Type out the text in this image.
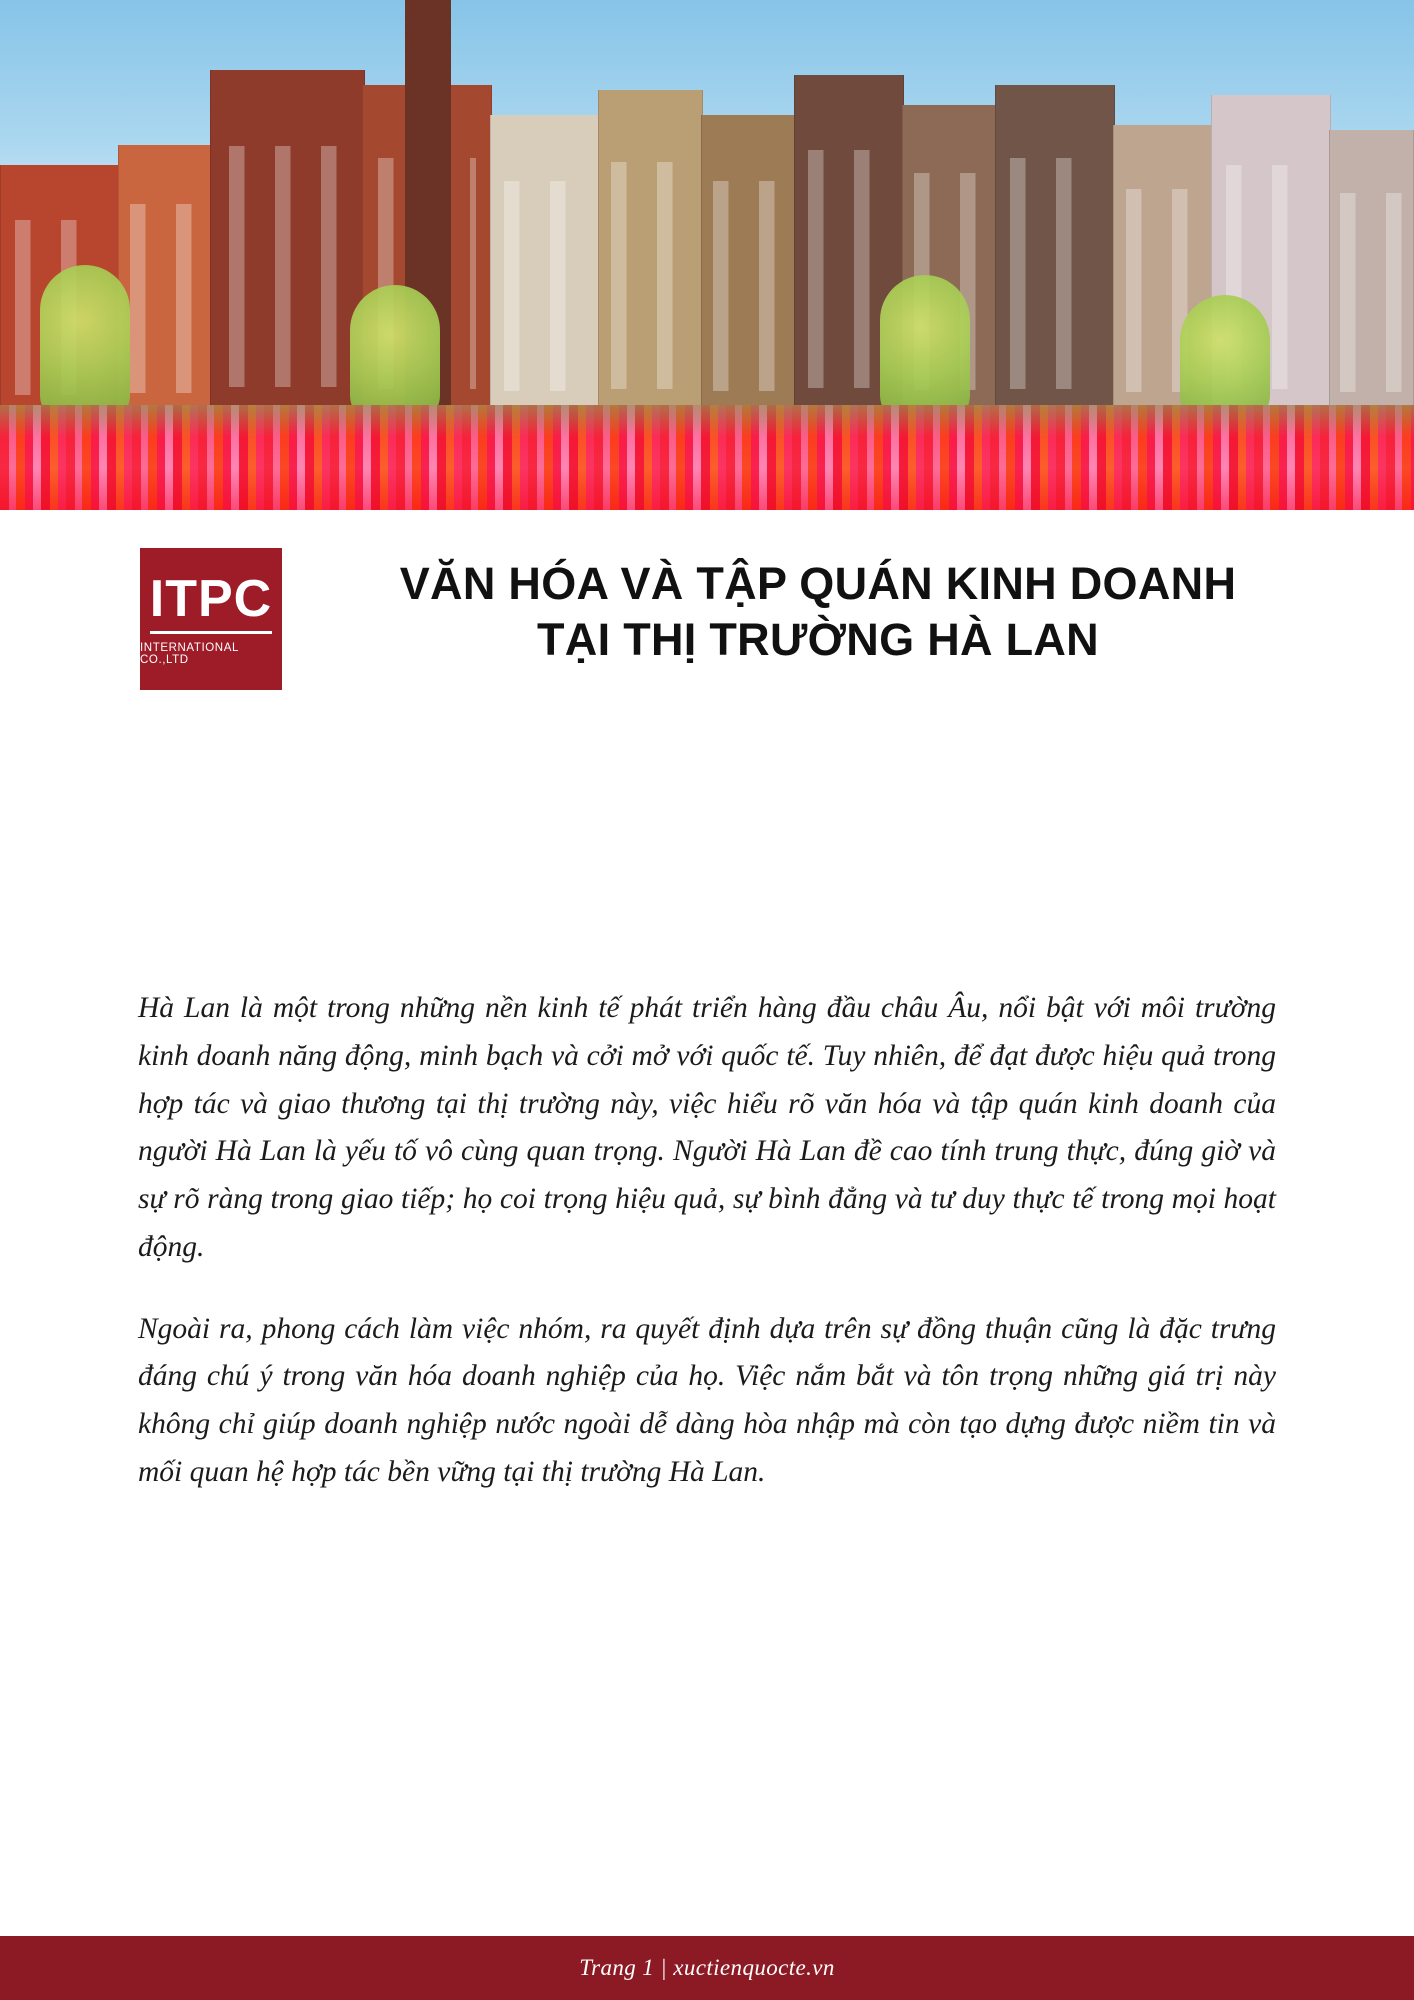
ITPC
INTERNATIONAL CO.,LTD
VĂN HÓA VÀ TẬP QUÁN KINH DOANH
TẠI THỊ TRƯỜNG HÀ LAN

Hà Lan là một trong những nền kinh tế phát triển hàng đầu châu Âu, nổi bật với môi trường kinh doanh năng động, minh bạch và cởi mở với quốc tế. Tuy nhiên, để đạt được hiệu quả trong hợp tác và giao thương tại thị trường này, việc hiểu rõ văn hóa và tập quán kinh doanh của người Hà Lan là yếu tố vô cùng quan trọng. Người Hà Lan đề cao tính trung thực, đúng giờ và sự rõ ràng trong giao tiếp; họ coi trọng hiệu quả, sự bình đẳng và tư duy thực tế trong mọi hoạt động.

Ngoài ra, phong cách làm việc nhóm, ra quyết định dựa trên sự đồng thuận cũng là đặc trưng đáng chú ý trong văn hóa doanh nghiệp của họ. Việc nắm bắt và tôn trọng những giá trị này không chỉ giúp doanh nghiệp nước ngoài dễ dàng hòa nhập mà còn tạo dựng được niềm tin và mối quan hệ hợp tác bền vững tại thị trường Hà Lan.

Trang 1 | xuctienquocte.vn
